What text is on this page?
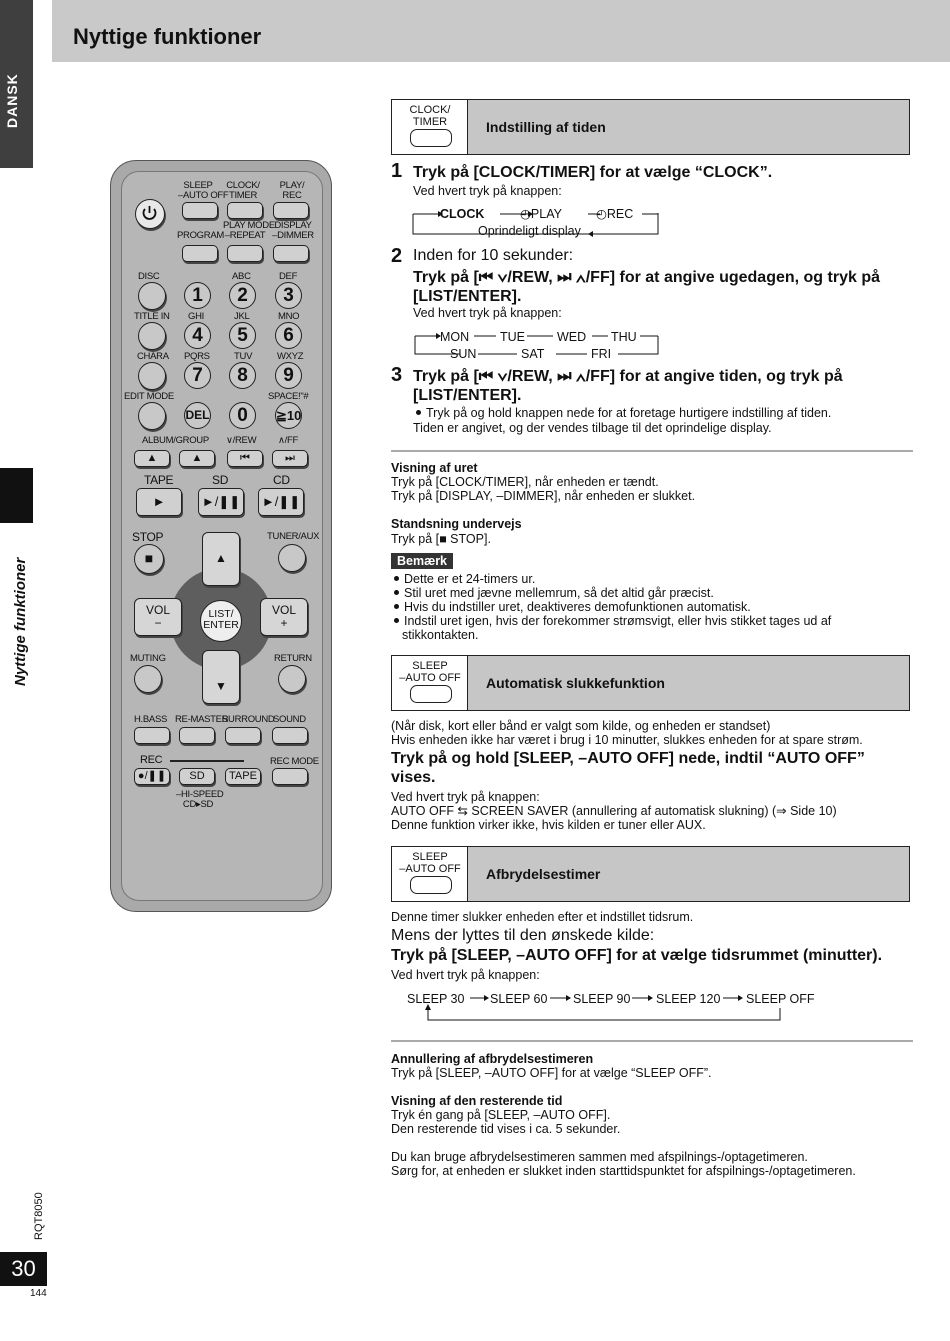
Nyttige funktioner
DANSK
Nyttige funktioner
RQT8050
30
144
SLEEP
–AUTO OFF
CLOCK/
TIMER
PLAY/
REC
PROGRAM
PLAY MODE
–REPEAT
DISPLAY
–DIMMER
DISC	ABC	DEF
1	2	3
TITLE IN GHI	JKL	MNO
4	5	6
CHARA PQRS	TUV	WXYZ
7	8	9
EDIT MODE	SPACE!"#
DEL	0	≧10
ALBUM/GROUP ∨/REW ∧/FF
▲	▲	⏮	⏭
TAPE	SD	CD
►	►/❚❚ ►/❚❚
STOP	TUNER/AUX
■	▲
▼
VOL
−
VOL
+
LIST/
ENTER
MUTING	RETURN
H.BASS RE-MASTER
SURROUND
SOUND
REC	REC MODE
●/❚❚	SD	TAPE
–HI-SPEED
CD▸SD
CLOCK/
TIMER	Indstilling af tiden
1 Tryk på [CLOCK/TIMER] for at vælge “CLOCK”.
Ved hvert tryk på knappen:
CLOCK	◴PLAY	◴REC
Oprindeligt display
2 Inden for 10 sekunder:
Tryk på [⏮ ∨/REW, ⏭ ∧/FF] for at angive ugedagen, og tryk på [LIST/ENTER].
Ved hvert tryk på knappen:
MON TUE	WED THU
SUN	SAT	FRI
3 Tryk på [⏮ ∨/REW, ⏭ ∧/FF] for at angive tiden, og tryk på [LIST/ENTER].
Tryk på og hold knappen nede for at foretage hurtigere indstilling af tiden.
Tiden er angivet, og der vendes tilbage til det oprindelige display.
Visning af uret
Tryk på [CLOCK/TIMER], når enheden er tændt.
Tryk på [DISPLAY, –DIMMER], når enheden er slukket.
Standsning undervejs
Tryk på [■ STOP].
Bemærk
Dette er et 24-timers ur.
Stil uret med jævne mellemrum, så det altid går præcist.
Hvis du indstiller uret, deaktiveres demofunktionen automatisk.
Indstil uret igen, hvis der forekommer strømsvigt, eller hvis stikket tages ud af
stikkontakten.
SLEEP
–AUTO OFF	Automatisk slukkefunktion
(Når disk, kort eller bånd er valgt som kilde, og enheden er standset)
Hvis enheden ikke har været i brug i 10 minutter, slukkes enheden for at spare strøm.
Tryk på og hold [SLEEP, –AUTO OFF] nede, indtil “AUTO OFF” vises.
Ved hvert tryk på knappen:
AUTO OFF ⇆ SCREEN SAVER (annullering af automatisk slukning) (⇒ Side 10)
Denne funktion virker ikke, hvis kilden er tuner eller AUX.
SLEEP
–AUTO OFF	Afbrydelsestimer
Denne timer slukker enheden efter et indstillet tidsrum.
Mens der lyttes til den ønskede kilde:
Tryk på [SLEEP, –AUTO OFF] for at vælge tidsrummet (minutter).
Ved hvert tryk på knappen:
SLEEP 30 SLEEP 60 SLEEP 90 SLEEP 120 SLEEP OFF
Annullering af afbrydelsestimeren
Tryk på [SLEEP, –AUTO OFF] for at vælge “SLEEP OFF”.
Visning af den resterende tid
Tryk én gang på [SLEEP, –AUTO OFF].
Den resterende tid vises i ca. 5 sekunder.
Du kan bruge afbrydelsestimeren sammen med afspilnings-/optagetimeren.
Sørg for, at enheden er slukket inden starttidspunktet for afspilnings-/optagetimeren.
